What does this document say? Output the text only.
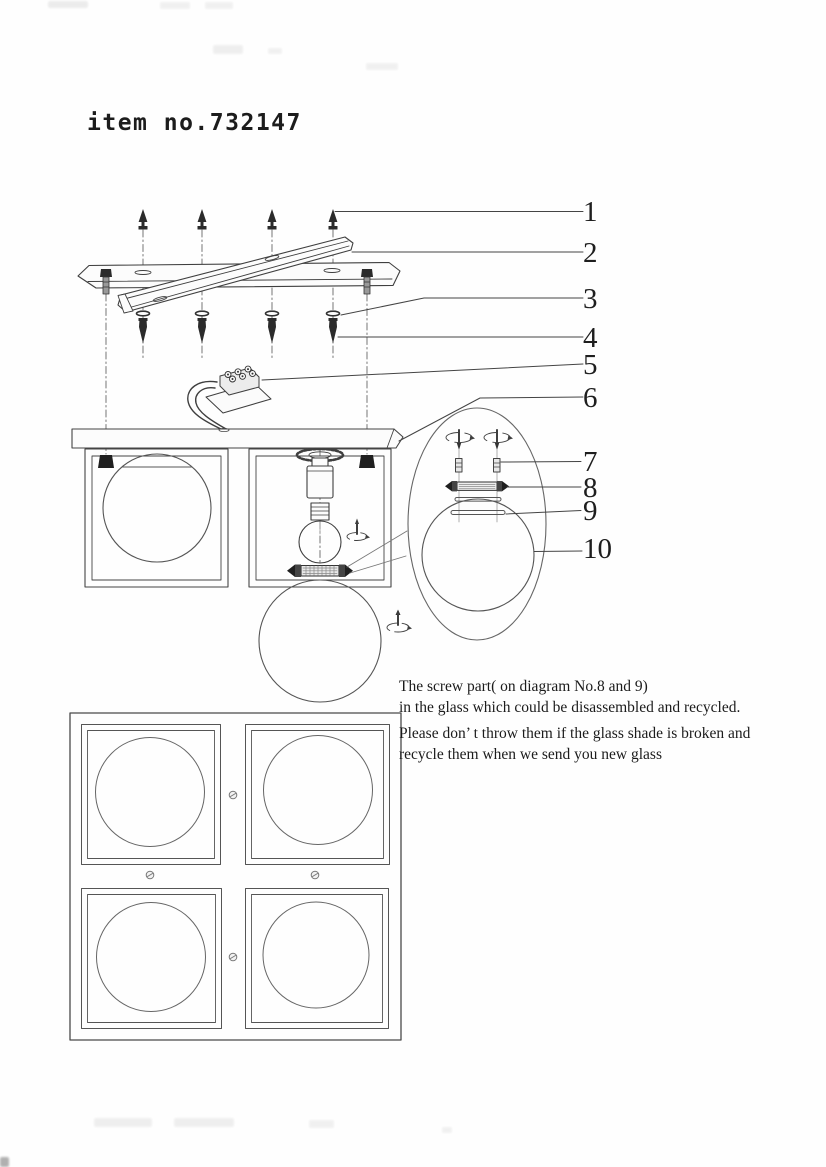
item no.732147
1
2
3
4
5
6
7
8
9
10
The screw part( on diagram No.8 and 9)
in the glass which could be disassembled and recycled.
Please don’ t throw them if the glass shade is broken and
recycle them when we send you new glass
